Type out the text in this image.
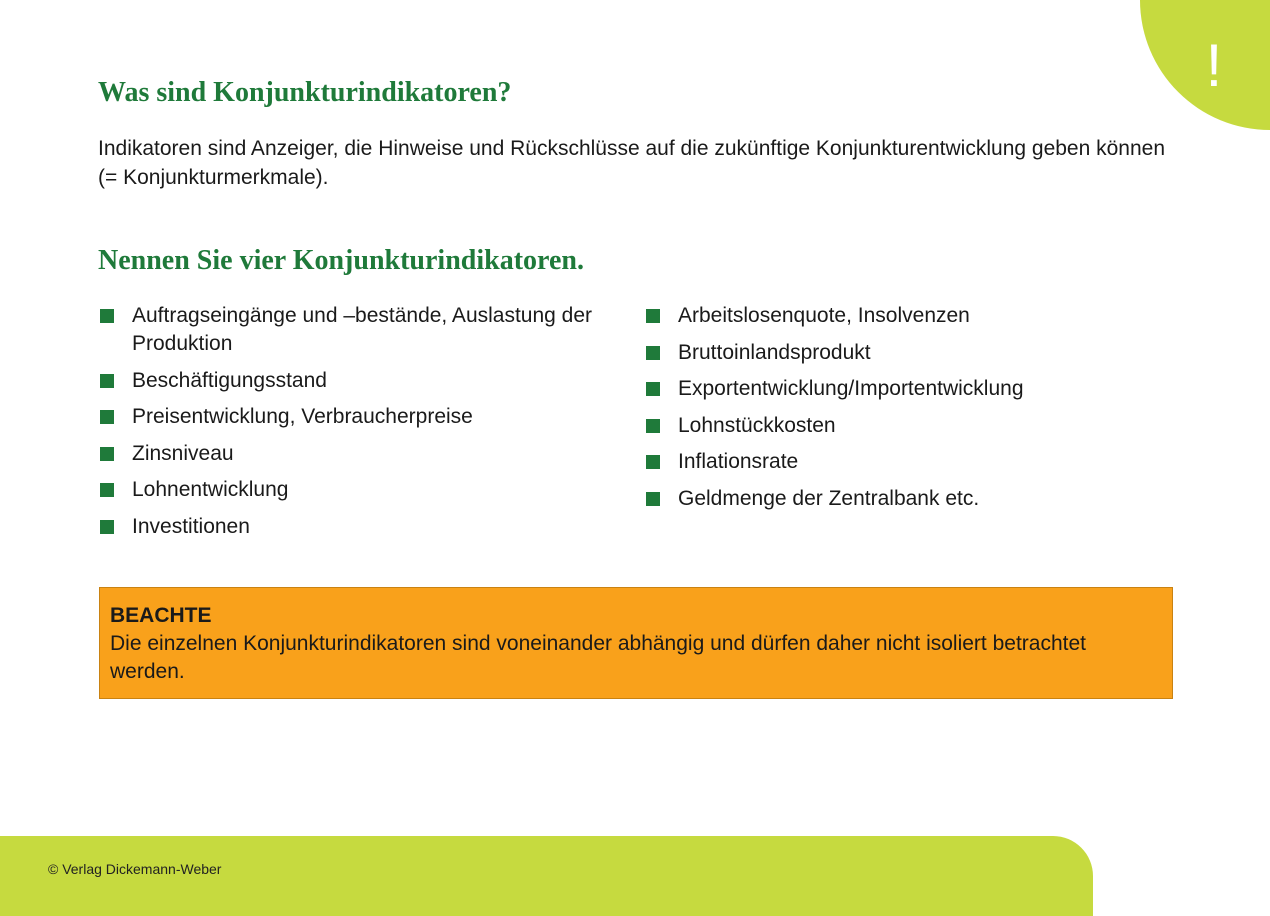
!
Was sind Konjunkturindikatoren?

Indikatoren sind Anzeiger, die Hinweise und Rückschlüsse auf die zukünftige Konjunkturentwicklung geben können (= Konjunkturmerkmale).

Nennen Sie vier Konjunkturindikatoren.
Auftragseingänge und –bestände, Auslastung der Produktion
Beschäftigungsstand
Preisentwicklung, Verbraucherpreise
Zinsniveau
Lohnentwicklung
Investitionen
Arbeitslosenquote, Insolvenzen
Bruttoinlandsprodukt
Exportentwicklung/Importentwicklung
Lohnstückkosten
Inflationsrate
Geldmenge der Zentralbank etc.
BEACHTE
Die einzelnen Konjunkturindikatoren sind voneinander abhängig und dürfen daher nicht isoliert betrachtet werden.
© Verlag Dickemann-Weber
